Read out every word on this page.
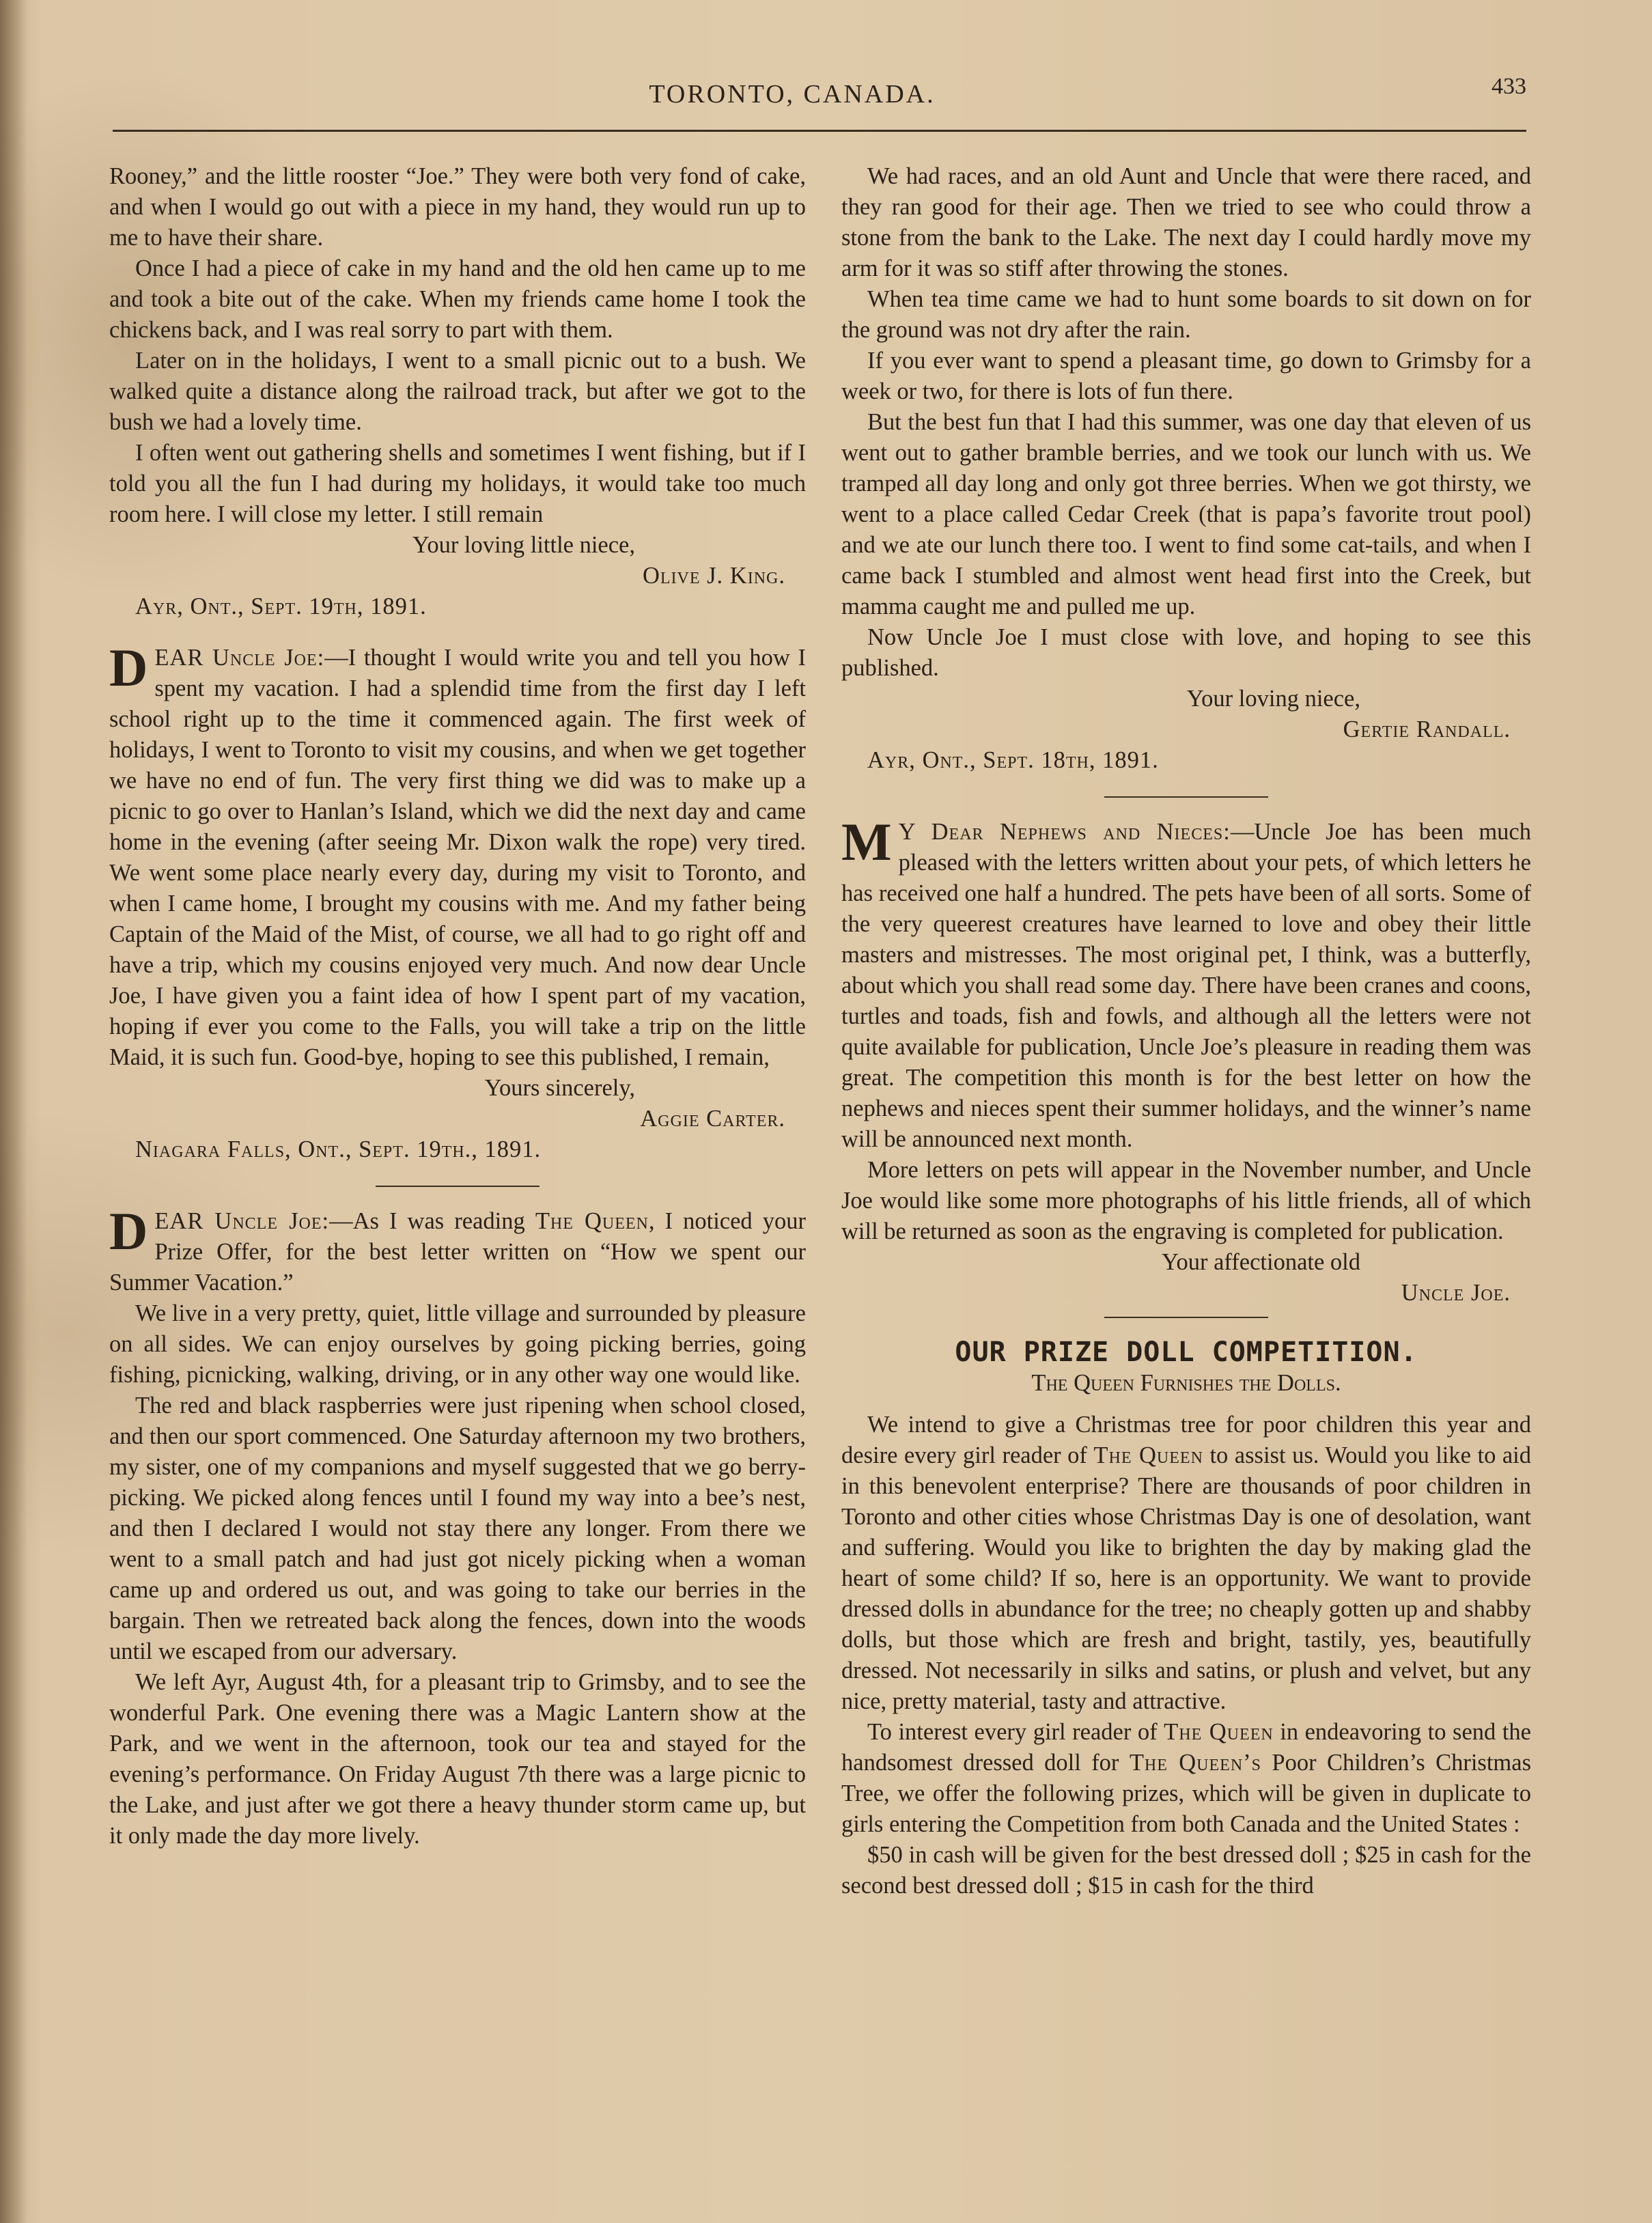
TORONTO, CANADA.	433

Rooney,” and the little rooster “Joe.” They were both very fond of cake, and when I would go out with a piece in my hand, they would run up to me to have their share.

Once I had a piece of cake in my hand and the old hen came up to me and took a bite out of the cake. When my friends came home I took the chickens back, and I was real sorry to part with them.

Later on in the holidays, I went to a small picnic out to a bush. We walked quite a distance along the railroad track, but after we got to the bush we had a lovely time.

I often went out gathering shells and sometimes I went fishing, but if I told you all the fun I had during my holidays, it would take too much room here. I will close my letter. I still remain

Your loving little niece,

Olive J. King.

Ayr, Ont., Sept. 19th, 1891.

DEAR Uncle Joe:—I thought I would write you and tell you how I spent my vacation. I had a splendid time from the first day I left school right up to the time it commenced again. The first week of holidays, I went to Toronto to visit my cousins, and when we get together we have no end of fun. The very first thing we did was to make up a picnic to go over to Hanlan’s Island, which we did the next day and came home in the evening (after seeing Mr. Dixon walk the rope) very tired. We went some place nearly every day, during my visit to Toronto, and when I came home, I brought my cousins with me. And my father being Captain of the Maid of the Mist, of course, we all had to go right off and have a trip, which my cousins enjoyed very much. And now dear Uncle Joe, I have given you a faint idea of how I spent part of my vacation, hoping if ever you come to the Falls, you will take a trip on the little Maid, it is such fun. Good-bye, hoping to see this published, I remain,

Yours sincerely,

Aggie Carter.

Niagara Falls, Ont., Sept. 19th., 1891.

DEAR Uncle Joe:—As I was reading The Queen, I noticed your Prize Offer, for the best letter written on “How we spent our Summer Vacation.”

We live in a very pretty, quiet, little village and surrounded by pleasure on all sides. We can enjoy ourselves by going picking berries, going fishing, picnicking, walking, driving, or in any other way one would like.

The red and black raspberries were just ripening when school closed, and then our sport commenced. One Saturday afternoon my two brothers, my sister, one of my companions and myself suggested that we go berry-picking. We picked along fences until I found my way into a bee’s nest, and then I declared I would not stay there any longer. From there we went to a small patch and had just got nicely picking when a woman came up and ordered us out, and was going to take our berries in the bargain. Then we retreated back along the fences, down into the woods until we escaped from our adversary.

We left Ayr, August 4th, for a pleasant trip to Grimsby, and to see the wonderful Park. One evening there was a Magic Lantern show at the Park, and we went in the afternoon, took our tea and stayed for the evening’s performance. On Friday August 7th there was a large picnic to the Lake, and just after we got there a heavy thunder storm came up, but it only made the day more lively.

We had races, and an old Aunt and Uncle that were there raced, and they ran good for their age. Then we tried to see who could throw a stone from the bank to the Lake. The next day I could hardly move my arm for it was so stiff after throwing the stones.

When tea time came we had to hunt some boards to sit down on for the ground was not dry after the rain.

If you ever want to spend a pleasant time, go down to Grimsby for a week or two, for there is lots of fun there.

But the best fun that I had this summer, was one day that eleven of us went out to gather bramble berries, and we took our lunch with us. We tramped all day long and only got three berries. When we got thirsty, we went to a place called Cedar Creek (that is papa’s favorite trout pool) and we ate our lunch there too. I went to find some cat-tails, and when I came back I stumbled and almost went head first into the Creek, but mamma caught me and pulled me up.

Now Uncle Joe I must close with love, and hoping to see this published.

Your loving niece,

Gertie Randall.

Ayr, Ont., Sept. 18th, 1891.

M Y Dear Nephews and Nieces:—Uncle Joe has been much pleased with the letters written about your pets, of which letters he has received one half a hundred. The pets have been of all sorts. Some of the very queerest creatures have learned to love and obey their little masters and mistresses. The most original pet, I think, was a butterfly, about which you shall read some day. There have been cranes and coons, turtles and toads, fish and fowls, and although all the letters were not quite available for publication, Uncle Joe’s pleasure in reading them was great. The competition this month is for the best letter on how the nephews and nieces spent their summer holidays, and the winner’s name will be announced next month.

More letters on pets will appear in the November number, and Uncle Joe would like some more photographs of his little friends, all of which will be returned as soon as the engraving is completed for publication.

Your affectionate old

Uncle Joe.

OUR PRIZE DOLL COMPETITION.

The Queen Furnishes the Dolls.

We intend to give a Christmas tree for poor children this year and desire every girl reader of The Queen to assist us. Would you like to aid in this benevolent enterprise? There are thousands of poor children in Toronto and other cities whose Christmas Day is one of desolation, want and suffering. Would you like to brighten the day by making glad the heart of some child? If so, here is an opportunity. We want to provide dressed dolls in abundance for the tree; no cheaply gotten up and shabby dolls, but those which are fresh and bright, tastily, yes, beautifully dressed. Not necessarily in silks and satins, or plush and velvet, but any nice, pretty material, tasty and attractive.

To interest every girl reader of The Queen in endeavoring to send the handsomest dressed doll for The Queen’s Poor Children’s Christmas Tree, we offer the following prizes, which will be given in duplicate to girls entering the Competition from both Canada and the United States :

$50 in cash will be given for the best dressed doll ; $25 in cash for the second best dressed doll ; $15 in cash for the third
